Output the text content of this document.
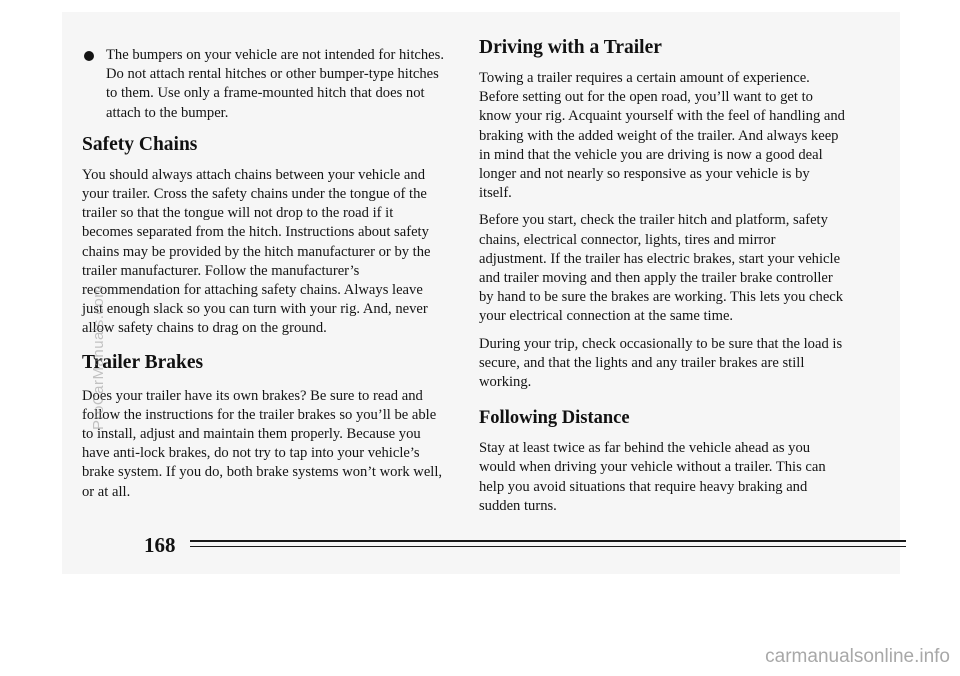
The bumpers on your vehicle are not intended for hitches. Do not attach rental hitches or other bumper-type hitches to them. Use only a frame-mounted hitch that does not attach to the bumper.
Safety Chains

You should always attach chains between your vehicle and your trailer. Cross the safety chains under the tongue of the trailer so that the tongue will not drop to the road if it becomes separated from the hitch. Instructions about safety chains may be provided by the hitch manufacturer or by the trailer manufacturer. Follow the manufacturer’s recommendation for attaching safety chains. Always leave just enough slack so you can turn with your rig. And, never allow safety chains to drag on the ground.

Trailer Brakes

Does your trailer have its own brakes? Be sure to read and follow the instructions for the trailer brakes so you’ll be able to install, adjust and maintain them properly. Because you have anti-lock brakes, do not try to tap into your vehicle’s brake system. If you do, both brake systems won’t work well, or at all.

Driving with a Trailer

Towing a trailer requires a certain amount of experience. Before setting out for the open road, you’ll want to get to know your rig. Acquaint yourself with the feel of handling and braking with the added weight of the trailer. And always keep in mind that the vehicle you are driving is now a good deal longer and not nearly so responsive as your vehicle is by itself.

Before you start, check the trailer hitch and platform, safety chains, electrical connector, lights, tires and mirror adjustment. If the trailer has electric brakes, start your vehicle and trailer moving and then apply the trailer brake controller by hand to be sure the brakes are working. This lets you check your electrical connection at the same time.

During your trip, check occasionally to be sure that the load is secure, and that the lights and any trailer brakes are still working.

Following Distance

Stay at least twice as far behind the vehicle ahead as you would when driving your vehicle without a trailer. This can help you avoid situations that require heavy braking and sudden turns.

168
ProCarManuals.com
carmanualsonline.info
